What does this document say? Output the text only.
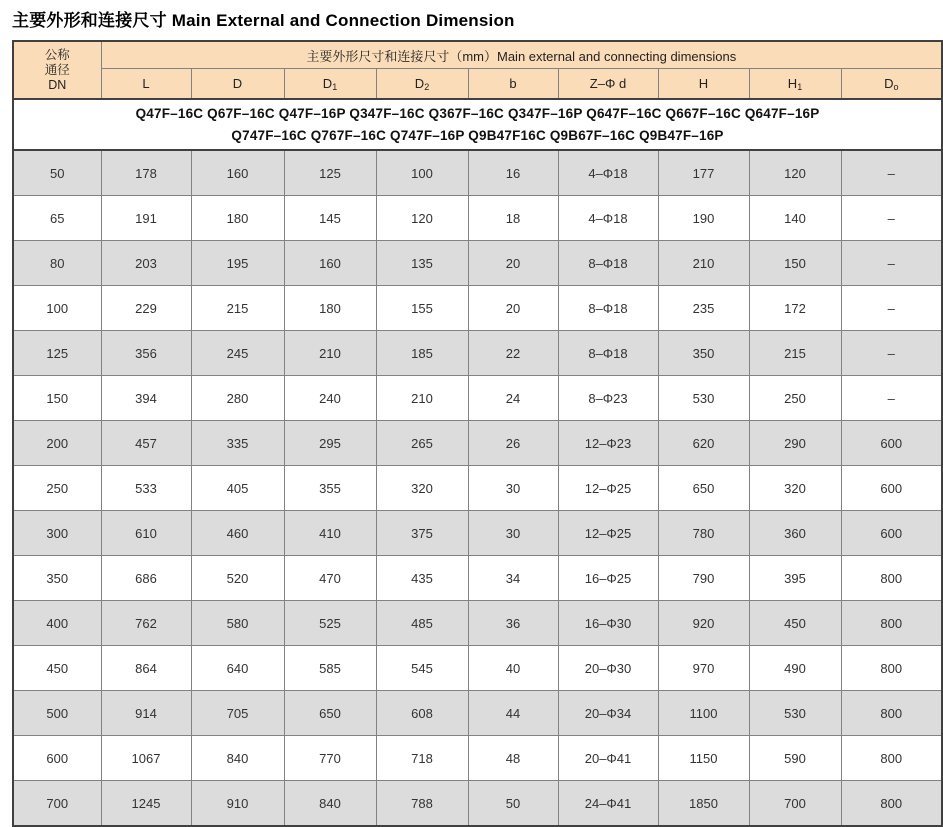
主要外形和连接尺寸 Main External and Connection Dimension
公称
通径
DN	主要外形尺寸和连接尺寸（mm）Main external and connecting dimensions								
	L	D	$D_1$	$D_2$	b	Z–Φ d	H	$H_1$	$D_o$

Q47F–16C Q67F–16C Q47F–16P Q347F–16C Q367F–16C Q347F–16P Q647F–16C Q667F–16C Q647F–16P
Q747F–16C Q767F–16C Q747F–16P Q9B47F16C Q9B67F–16C Q9B47F–16P									

50	178	160	125	100	16	4–Φ18	177	120	–
65	191	180	145	120	18	4–Φ18	190	140	–
80	203	195	160	135	20	8–Φ18	210	150	–
100	229	215	180	155	20	8–Φ18	235	172	–
125	356	245	210	185	22	8–Φ18	350	215	–
150	394	280	240	210	24	8–Φ23	530	250	–
200	457	335	295	265	26	12–Φ23	620	290	600
250	533	405	355	320	30	12–Φ25	650	320	600
300	610	460	410	375	30	12–Φ25	780	360	600
350	686	520	470	435	34	16–Φ25	790	395	800
400	762	580	525	485	36	16–Φ30	920	450	800
450	864	640	585	545	40	20–Φ30	970	490	800
500	914	705	650	608	44	20–Φ34	1100	530	800
600	1067	840	770	718	48	20–Φ41	1150	590	800
700	1245	910	840	788	50	24–Φ41	1850	700	800
